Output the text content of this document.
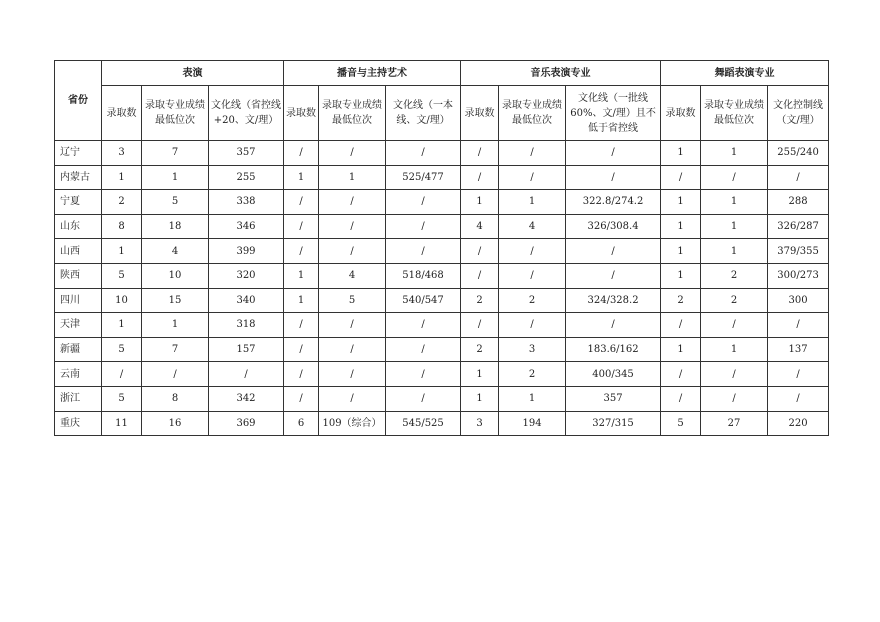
省份	表演			播音与主持艺术			音乐表演专业			舞蹈表演专业		
	录取数	录取专业成绩最低位次	文化线（省控线+20、文/理）	录取数	录取专业成绩最低位次	文化线（一本线、文/理）	录取数	录取专业成绩最低位次	文化线（一批线60%、文/理）且不低于省控线	录取数	录取专业成绩最低位次	文化控制线（文/理）
辽宁	3	7	357	/	/	/	/	/	/	1	1	255/240
内蒙古	1	1	255	1	1	525/477	/	/	/	/	/	/
宁夏	2	5	338	/	/	/	1	1	322.8/274.2	1	1	288
山东	8	18	346	/	/	/	4	4	326/308.4	1	1	326/287
山西	1	4	399	/	/	/	/	/	/	1	1	379/355
陕西	5	10	320	1	4	518/468	/	/	/	1	2	300/273
四川	10	15	340	1	5	540/547	2	2	324/328.2	2	2	300
天津	1	1	318	/	/	/	/	/	/	/	/	/
新疆	5	7	157	/	/	/	2	3	183.6/162	1	1	137
云南	/	/	/	/	/	/	1	2	400/345	/	/	/
浙江	5	8	342	/	/	/	1	1	357	/	/	/
重庆	11	16	369	6	109（综合）	545/525	3	194	327/315	5	27	220
